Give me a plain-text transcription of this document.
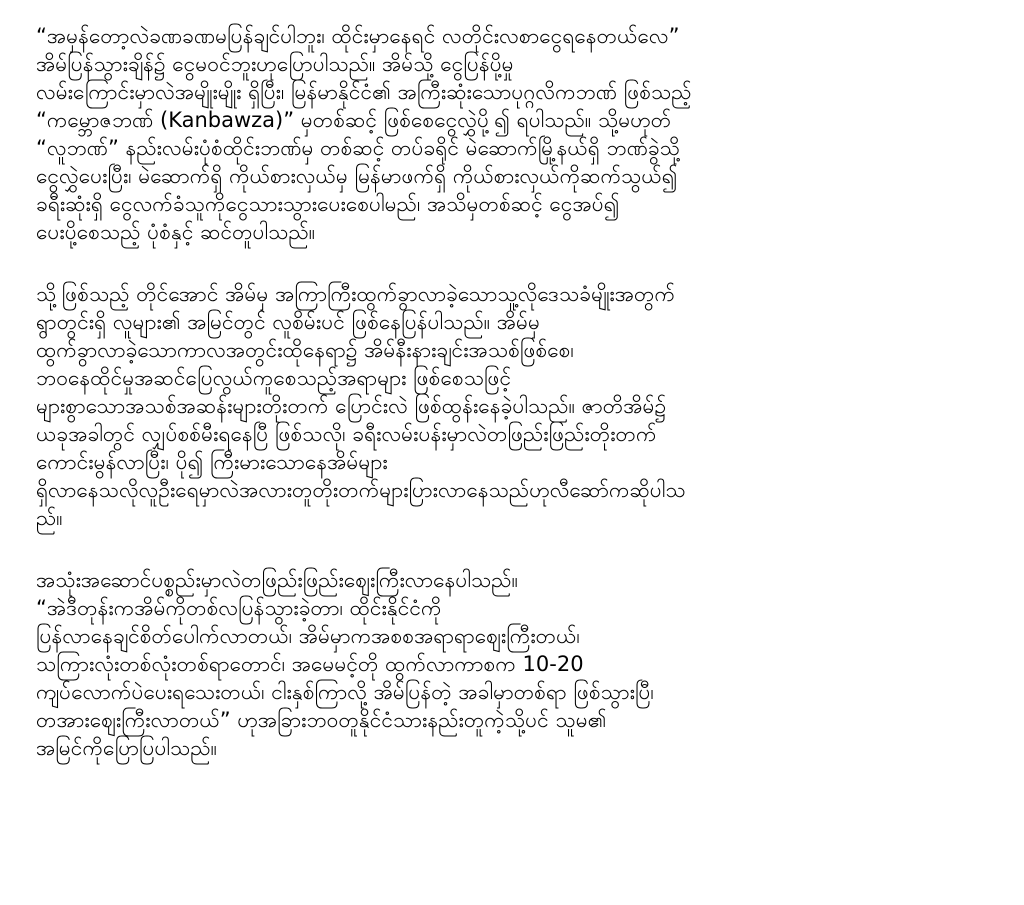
“အမှန်တော့လဲခဏခဏမပြန်ချင်ပါဘူး၊ ထိုင်းမှာနေရင် လတိုင်းလစာငွေရနေတယ်လေ”
အိမ်ပြန်သွားချိန်၌ ငွေမဝင်ဘူးဟုပြောပါသည်။ အိမ်သို့ ငွေပြန်ပို့မှု
လမ်းကြောင်းမှာလဲအမျိုးမျိုး ရှိပြီး၊ မြန်မာနိုင်ငံ၏ အကြီးဆုံးသောပုဂ္ဂလိကဘဏ် ဖြစ်သည့်
“ကမ္ဘောဇဘဏ် (Kanbawza)” မှတစ်ဆင့် ဖြစ်စေငွေလွှဲပို့၍ ရပါသည်။ သို့မဟုတ်
“လူဘဏ်” နည်းလမ်းပုံစံထိုင်းဘဏ်မှ တစ်ဆင့် တပ်ခရိုင် မဲဆောက်မြို့နယ်ရှိ ဘဏ်ခွဲသို့
ငွေလွှဲပေးပြီး၊ မဲဆောက်ရှိ ကိုယ်စားလှယ်မှ မြန်မာဖက်ရှိ ကိုယ်စားလှယ်ကိုဆက်သွယ်၍
ခရီးဆုံးရှိ ငွေလက်ခံသူကိုငွေသားသွားပေးစေပါမည်၊ အသိမှတစ်ဆင့် ငွေအပ်၍
ပေးပို့စေသည့် ပုံစံနှင့် ဆင်တူပါသည်။
သို့ဖြစ်သည့် တိုင်အောင် အိမ်မှ အကြာကြီးထွက်ခွာလာခဲ့သောသူ့လိုဒေသခံမျိုးအတွက်
ရွာတွင်းရှိ လူများ၏ အမြင်တွင် လူစိမ်းပင် ဖြစ်နေပြန်ပါသည်။ အိမ်မှ
ထွက်ခွာလာခဲ့သောကာလအတွင်းထိုနေရာ၌ အိမ်နီးနားချင်းအသစ်ဖြစ်စေ၊
ဘဝနေထိုင်မှုအဆင်ပြေလွယ်ကူစေသည့်အရာများ ဖြစ်စေသဖြင့်
များစွာသောအသစ်အဆန်းများတိုးတက် ပြောင်းလဲ ဖြစ်ထွန်းနေခဲ့ပါသည်။ ဇာတိအိမ်၌
ယခုအခါတွင် လျှပ်စစ်မီးရနေပြီ ဖြစ်သလို၊ ခရီးလမ်းပန်းမှာလဲတဖြည်းဖြည်းတိုးတက်
ကောင်းမွန်လာပြီး၊ ပို၍ ကြီးမားသောနေအိမ်များ
ရှိလာနေသလိုလူဦးရေမှာလဲအလားတူတိုးတက်များပြားလာနေသည်ဟုလီဆော်ကဆိုပါသ
ည်။
အသုံးအဆောင်ပစ္စည်းမှာလဲတဖြည်းဖြည်းဈေးကြီးလာနေပါသည်။
“အဲဒီတုန်းကအိမ်ကိုတစ်လပြန်သွားခဲ့တာ၊ ထိုင်းနိုင်ငံကို
ပြန်လာနေချင်စိတ်ပေါက်လာတယ်၊ အိမ်မှာကအစစအရာရာဈေးကြီးတယ်၊
သကြားလုံးတစ်လုံးတစ်ရာတောင်၊ အမေမင့်တို ထွက်လာကာစက 10-20
ကျပ်လောက်ပဲပေးရသေးတယ်၊ ငါးနှစ်ကြာလို့ အိမ်ပြန်တဲ့ အခါမှာတစ်ရာ ဖြစ်သွားပြီ၊
တအားဈေးကြီးလာတယ်” ဟုအခြားဘဝတူနိုင်ငံသားနည်းတူကဲ့သို့ပင် သူမ၏
အမြင်ကိုပြောပြပါသည်။
